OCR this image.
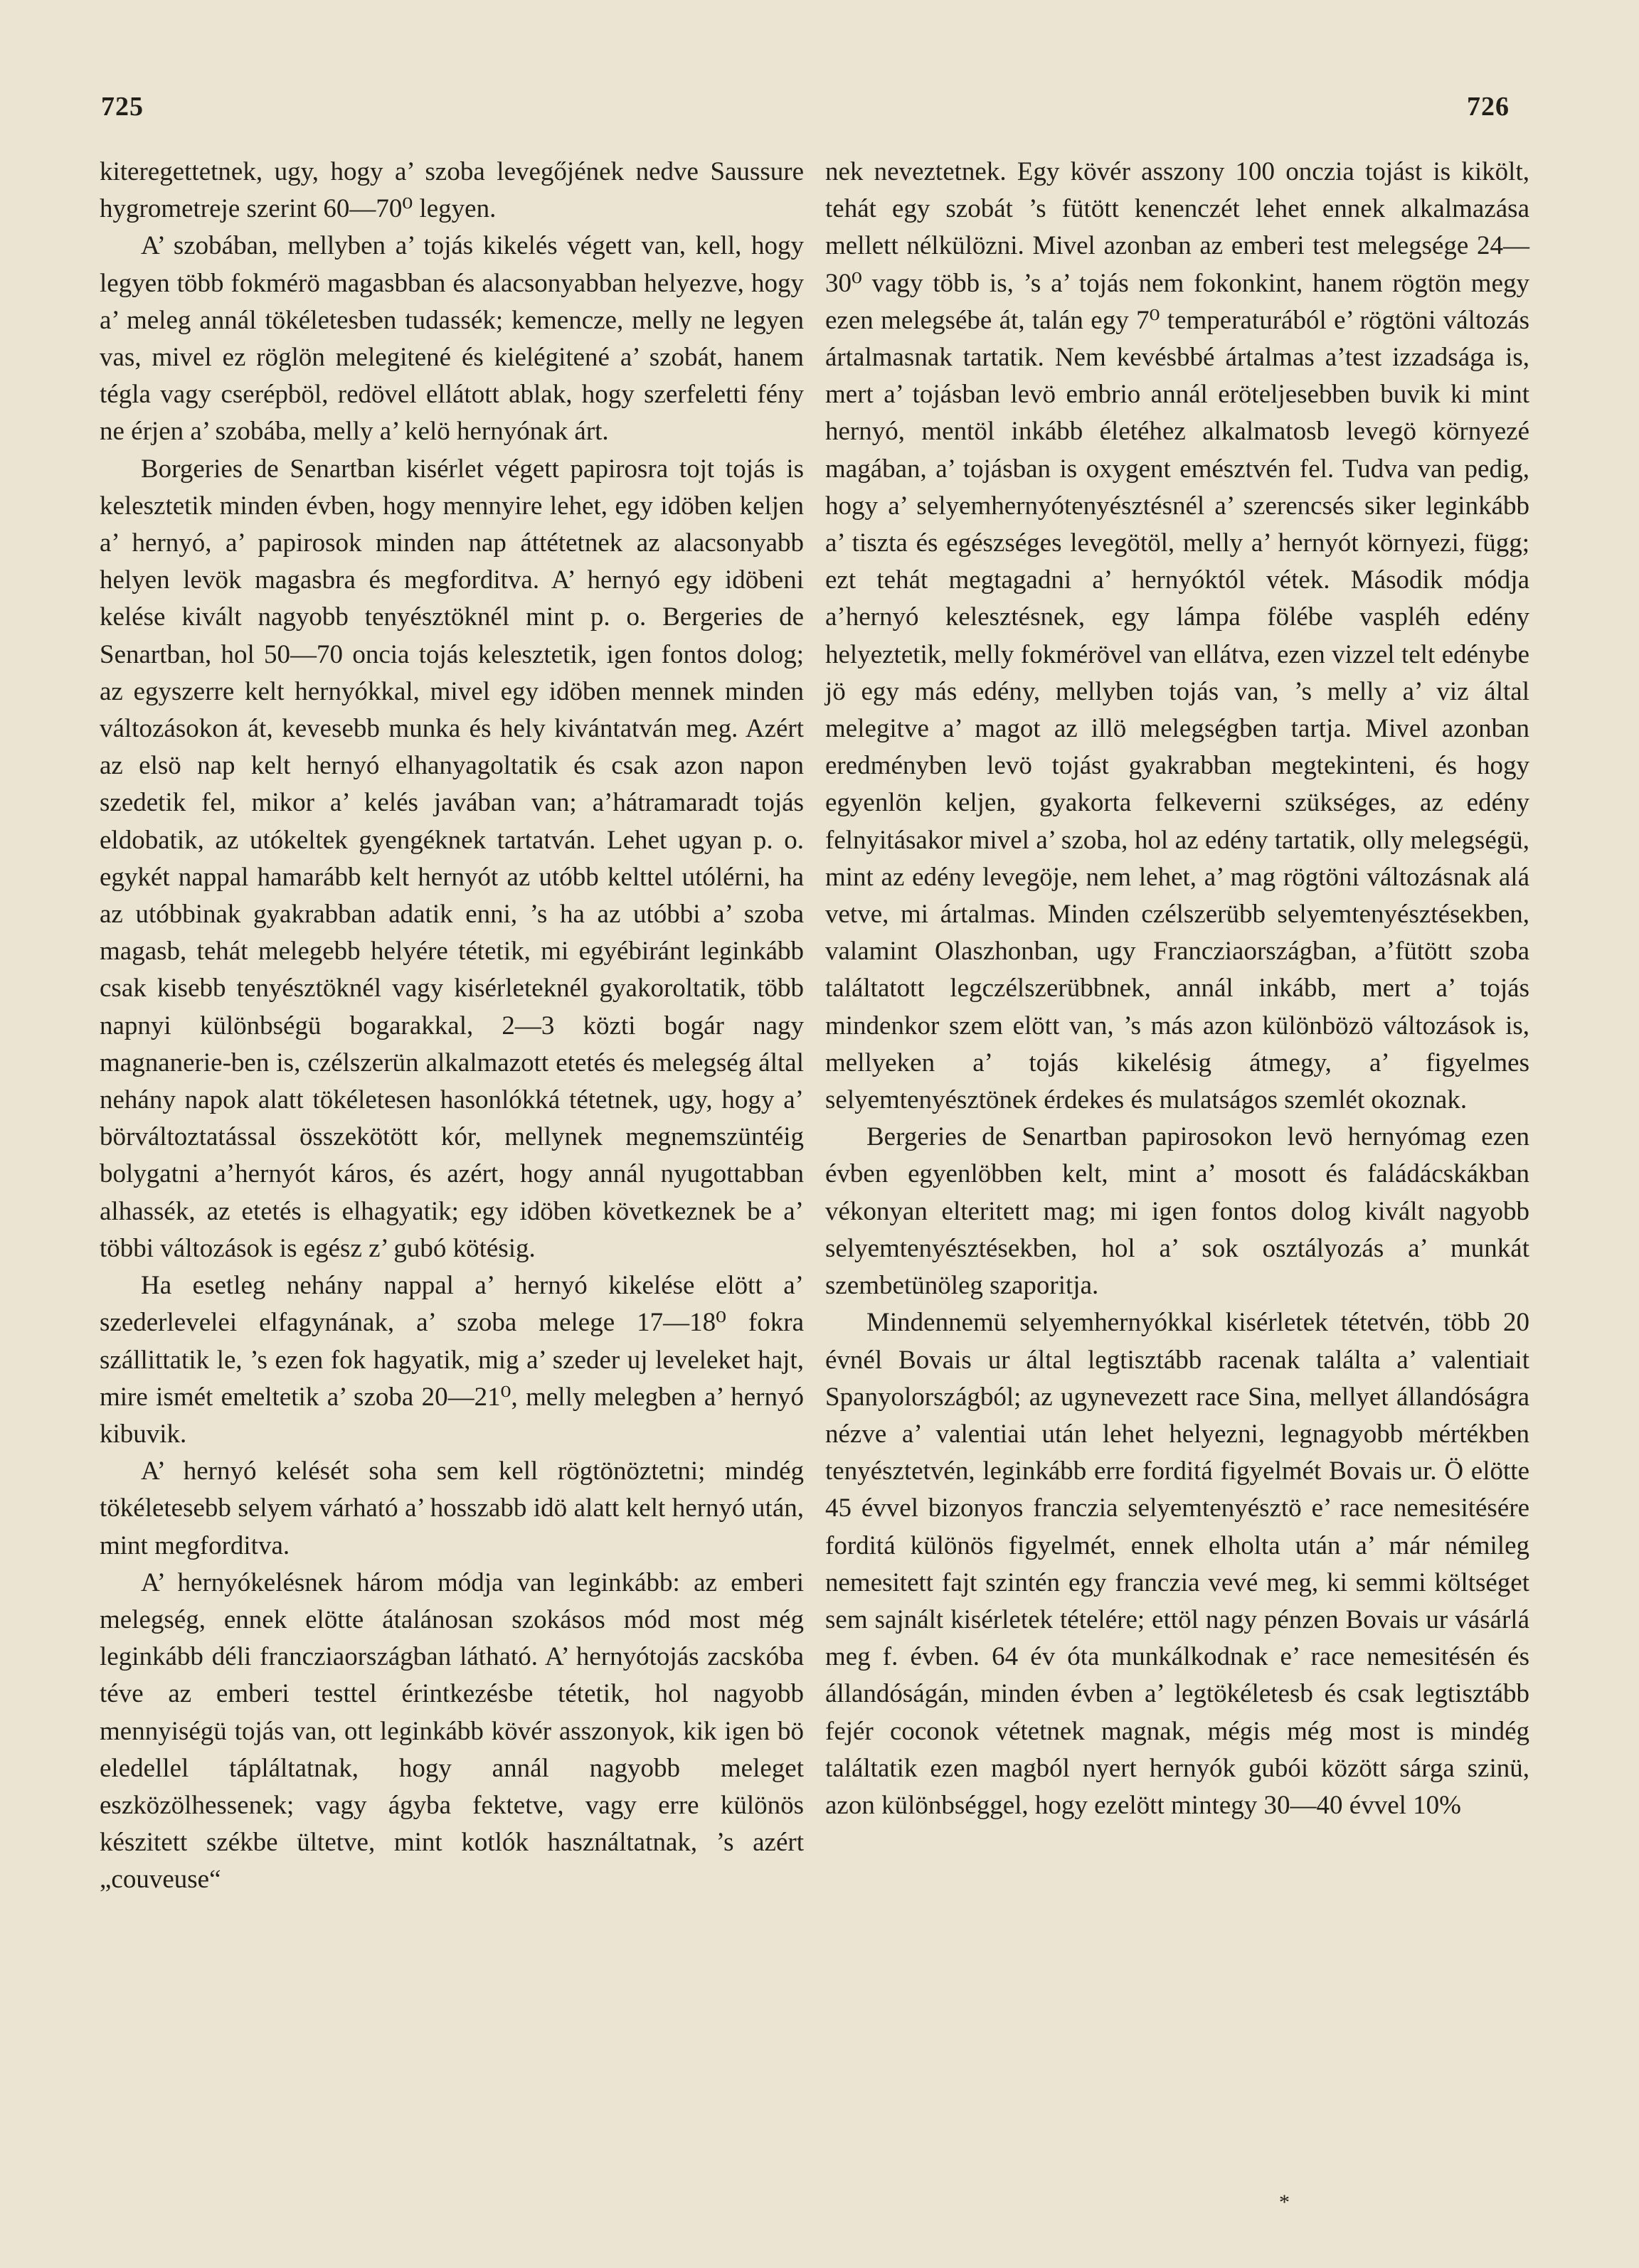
725	726

kiteregettetnek, ugy, hogy a’ szoba levegőjének nedve Saussure hygrometreje szerint 60—70⁰ legyen.

A’ szobában, mellyben a’ tojás kikelés végett van, kell, hogy legyen több fokmérö magasbban és alacsonyabban helyezve, hogy a’ meleg annál tökéletesben tudassék; kemencze, melly ne legyen vas, mivel ez röglön melegitené és kielégitené a’ szobát, hanem tégla vagy cserépböl, redövel ellátott ablak, hogy szerfeletti fény ne érjen a’ szobába, melly a’ kelö hernyónak árt.

Borgeries de Senartban kisérlet végett papirosra tojt tojás is kelesztetik minden évben, hogy mennyire lehet, egy idöben keljen a’ hernyó, a’ papirosok minden nap áttétetnek az alacsonyabb helyen levök magasbra és megforditva. A’ hernyó egy idöbeni kelése kivált nagyobb tenyésztöknél mint p. o. Bergeries de Senartban, hol 50—70 oncia tojás kelesztetik, igen fontos dolog; az egyszerre kelt hernyókkal, mivel egy idöben mennek minden változásokon át, kevesebb munka és hely kivántatván meg. Azért az elsö nap kelt hernyó elhanyagoltatik és csak azon napon szedetik fel, mikor a’ kelés javában van; a’hátramaradt tojás eldobatik, az utókeltek gyengéknek tartatván. Lehet ugyan p. o. egykét nappal hamarább kelt hernyót az utóbb kelttel utólérni, ha az utóbbinak gyakrabban adatik enni, ’s ha az utóbbi a’ szoba magasb, tehát melegebb helyére tétetik, mi egyébiránt leginkább csak kisebb tenyésztöknél vagy kisérleteknél gyakoroltatik, több napnyi különbségü bogarakkal, 2—3 közti bogár nagy magnanerie-ben is, czélszerün alkalmazott etetés és melegség által nehány napok alatt tökéletesen hasonlókká tétetnek, ugy, hogy a’ börváltoztatással összekötött kór, mellynek megnemszüntéig bolygatni a’hernyót káros, és azért, hogy annál nyugottabban alhassék, az etetés is elhagyatik; egy idöben következnek be a’ többi változások is egész z’ gubó kötésig.

Ha esetleg nehány nappal a’ hernyó kikelése elött a’ szederlevelei elfagynának, a’ szoba melege 17—18⁰ fokra szállittatik le, ’s ezen fok hagyatik, mig a’ szeder uj leveleket hajt, mire ismét emeltetik a’ szoba 20—21⁰, melly melegben a’ hernyó kibuvik.

A’ hernyó kelését soha sem kell rögtönöztetni; mindég tökéletesebb selyem várható a’ hosszabb idö alatt kelt hernyó után, mint megforditva.

A’ hernyókelésnek három módja van leginkább: az emberi melegség, ennek elötte átalánosan szokásos mód most még leginkább déli francziaországban látható. A’ hernyótojás zacskóba téve az emberi testtel érintkezésbe tétetik, hol nagyobb mennyiségü tojás van, ott leginkább kövér asszonyok, kik igen bö eledellel tápláltatnak, hogy annál nagyobb meleget eszközölhessenek; vagy ágyba fektetve, vagy erre különös készitett székbe ültetve, mint kotlók használtatnak, ’s azért „couveuse“

nek neveztetnek. Egy kövér asszony 100 onczia tojást is kikölt, tehát egy szobát ’s fütött kenenczét lehet ennek alkalmazása mellett nélkülözni. Mivel azonban az emberi test melegsége 24—30⁰ vagy több is, ’s a’ tojás nem fokonkint, hanem rögtön megy ezen melegsébe át, talán egy 7⁰ temperaturából e’ rögtöni változás ártalmasnak tartatik. Nem kevésbbé ártalmas a’test izzadsága is, mert a’ tojásban levö embrio annál eröteljesebben buvik ki mint hernyó, mentöl inkább életéhez alkalmatosb levegö környezé magában, a’ tojásban is oxygent emésztvén fel. Tudva van pedig, hogy a’ selyemhernyótenyésztésnél a’ szerencsés siker leginkább a’ tiszta és egészséges levegötöl, melly a’ hernyót környezi, függ; ezt tehát megtagadni a’ hernyóktól vétek. Második módja a’hernyó kelesztésnek, egy lámpa fölébe vaspléh edény helyeztetik, melly fokmérövel van ellátva, ezen vizzel telt edénybe jö egy más edény, mellyben tojás van, ’s melly a’ viz által melegitve a’ magot az illö melegségben tartja. Mivel azonban eredményben levö tojást gyakrabban megtekinteni, és hogy egyenlön keljen, gyakorta felkeverni szükséges, az edény felnyitásakor mivel a’ szoba, hol az edény tartatik, olly melegségü, mint az edény levegöje, nem lehet, a’ mag rögtöni változásnak alá vetve, mi ártalmas. Minden czélszerübb selyemtenyésztésekben, valamint Olaszhonban, ugy Francziaországban, a’fütött szoba találtatott legczélszerübbnek, annál inkább, mert a’ tojás mindenkor szem elött van, ’s más azon különbözö változások is, mellyeken a’ tojás kikelésig átmegy, a’ figyelmes selyemtenyésztönek érdekes és mulatságos szemlét okoznak.

Bergeries de Senartban papirosokon levö hernyómag ezen évben egyenlöbben kelt, mint a’ mosott és faládácskákban vékonyan elteritett mag; mi igen fontos dolog kivált nagyobb selyemtenyésztésekben, hol a’ sok osztályozás a’ munkát szembetünöleg szaporitja.

Mindennemü selyemhernyókkal kisérletek tétetvén, több 20 évnél Bovais ur által legtisztább racenak találta a’ valentiait Spanyolországból; az ugynevezett race Sina, mellyet állandóságra nézve a’ valentiai után lehet helyezni, legnagyobb mértékben tenyésztetvén, leginkább erre forditá figyelmét Bovais ur. Ö elötte 45 évvel bizonyos franczia selyemtenyésztö e’ race nemesitésére forditá különös figyelmét, ennek elholta után a’ már némileg nemesitett fajt szintén egy franczia vevé meg, ki semmi költséget sem sajnált kisérletek tételére; ettöl nagy pénzen Bovais ur vásárlá meg f. évben. 64 év óta munkálkodnak e’ race nemesitésén és állandóságán, minden évben a’ legtökéletesb és csak legtisztább fejér coconok vétetnek magnak, mégis még most is mindég találtatik ezen magból nyert hernyók gubói között sárga szinü, azon különbséggel, hogy ezelött mintegy 30—40 évvel 10%

*
